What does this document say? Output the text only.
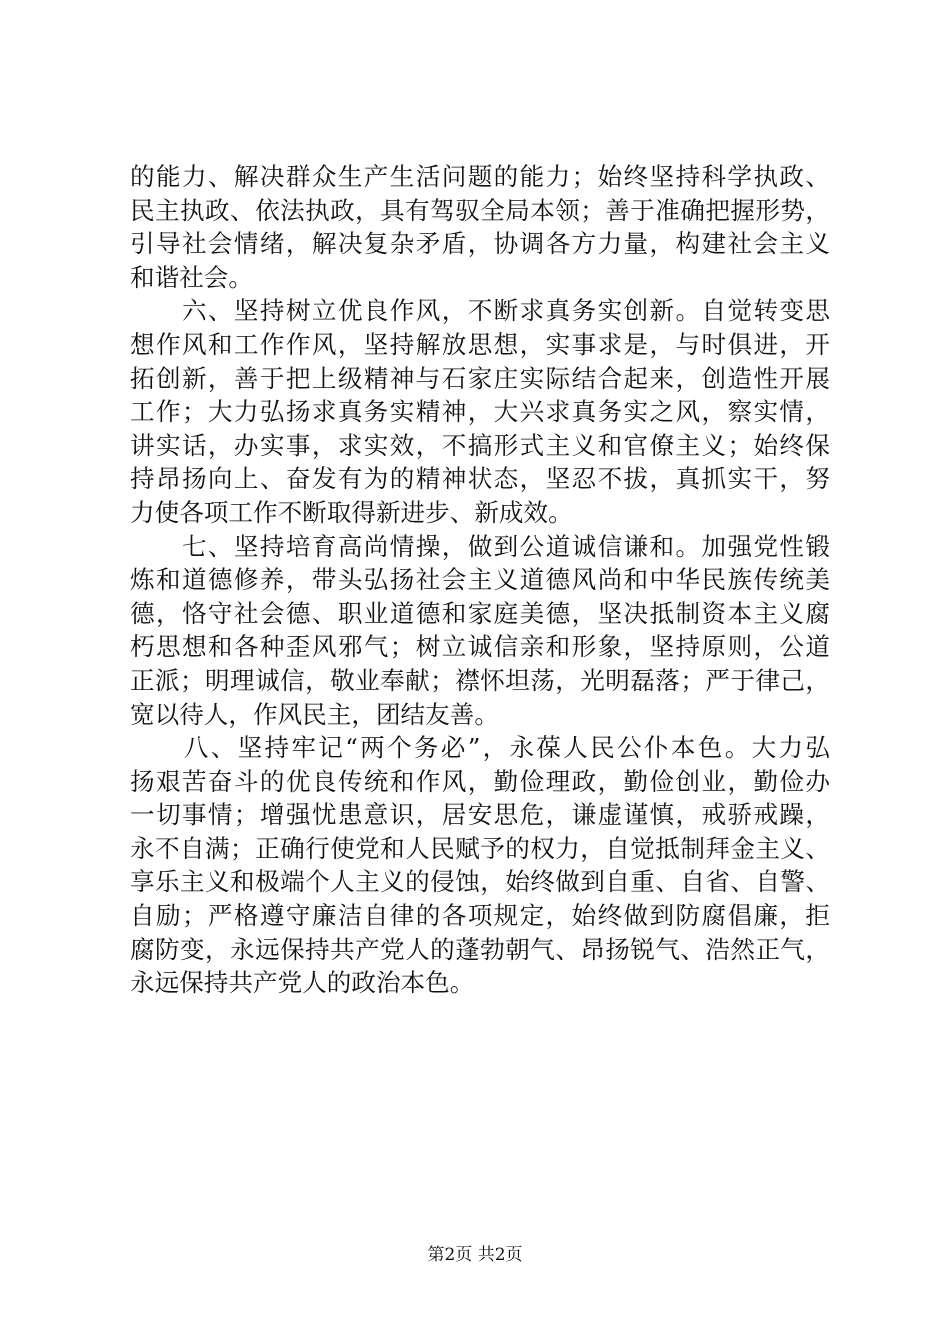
的能力、解决群众生产生活问题的能力；始终坚持科学执政、
民主执政、依法执政，具有驾驭全局本领；善于准确把握形势，
引导社会情绪，解决复杂矛盾，协调各方力量，构建社会主义
和谐社会。
　　六、坚持树立优良作风，不断求真务实创新。自觉转变思
想作风和工作作风，坚持解放思想，实事求是，与时俱进，开
拓创新，善于把上级精神与石家庄实际结合起来，创造性开展
工作；大力弘扬求真务实精神，大兴求真务实之风，察实情，
讲实话，办实事，求实效，不搞形式主义和官僚主义；始终保
持昂扬向上、奋发有为的精神状态，坚忍不拔，真抓实干，努
力使各项工作不断取得新进步、新成效。
　　七、坚持培育高尚情操，做到公道诚信谦和。加强党性锻
炼和道德修养，带头弘扬社会主义道德风尚和中华民族传统美
德，恪守社会德、职业道德和家庭美德，坚决抵制资本主义腐
朽思想和各种歪风邪气；树立诚信亲和形象，坚持原则，公道
正派；明理诚信，敬业奉献；襟怀坦荡，光明磊落；严于律己，
宽以待人，作风民主，团结友善。
　　八、坚持牢记“两个务必”，永葆人民公仆本色。大力弘
扬艰苦奋斗的优良传统和作风，勤俭理政，勤俭创业，勤俭办
一切事情；增强忧患意识，居安思危，谦虚谨慎，戒骄戒躁，
永不自满；正确行使党和人民赋予的权力，自觉抵制拜金主义、
享乐主义和极端个人主义的侵蚀，始终做到自重、自省、自警、
自励；严格遵守廉洁自律的各项规定，始终做到防腐倡廉，拒
腐防变，永远保持共产党人的蓬勃朝气、昂扬锐气、浩然正气，
永远保持共产党人的政治本色。
第2页 共2页
